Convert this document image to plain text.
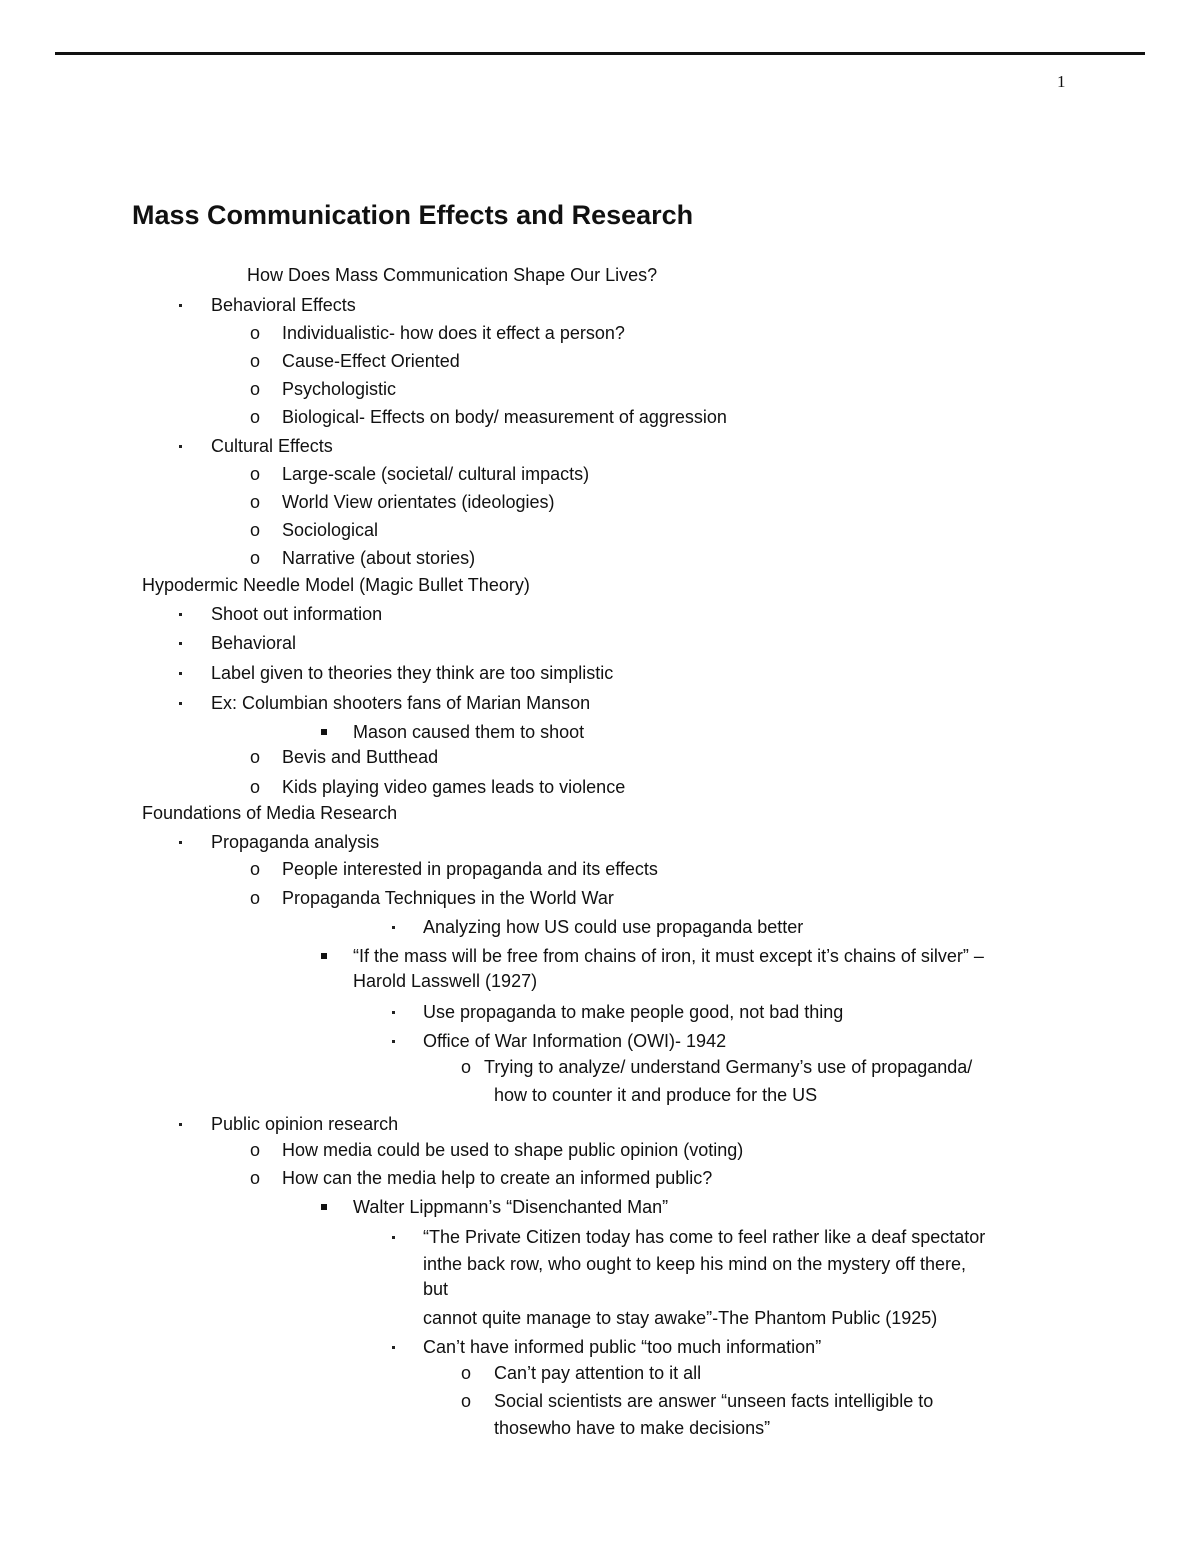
1
Mass Communication Effects and Research
How Does Mass Communication Shape Our Lives?
Behavioral Effects
o Individualistic- how does it effect a person?
o Cause-Effect Oriented
o Psychologistic
o Biological- Effects on body/ measurement of aggression
Cultural Effects
o Large-scale (societal/ cultural impacts)
o World View orientates (ideologies)
o Sociological
o Narrative (about stories)
Hypodermic Needle Model (Magic Bullet Theory)
Shoot out information
Behavioral
Label given to theories they think are too simplistic
Ex: Columbian shooters fans of Marian Manson
Mason caused them to shoot
o Bevis and Butthead
o Kids playing video games leads to violence
Foundations of Media Research
Propaganda analysis
o People interested in propaganda and its effects
o Propaganda Techniques in the World War
Analyzing how US could use propaganda better
“If the mass will be free from chains of iron, it must except it’s chains of silver” –
Harold Lasswell (1927)
Use propaganda to make people good, not bad thing
Office of War Information (OWI)- 1942
o Trying to analyze/ understand Germany’s use of propaganda/
how to counter it and produce for the US
Public opinion research
o How media could be used to shape public opinion (voting)
o How can the media help to create an informed public?
Walter Lippmann’s “Disenchanted Man”
“The Private Citizen today has come to feel rather like a deaf spectator
inthe back row, who ought to keep his mind on the mystery off there,
but
cannot quite manage to stay awake”-The Phantom Public (1925)
Can’t have informed public “too much information”
o Can’t pay attention to it all
o Social scientists are answer “unseen facts intelligible to
thosewho have to make decisions”
